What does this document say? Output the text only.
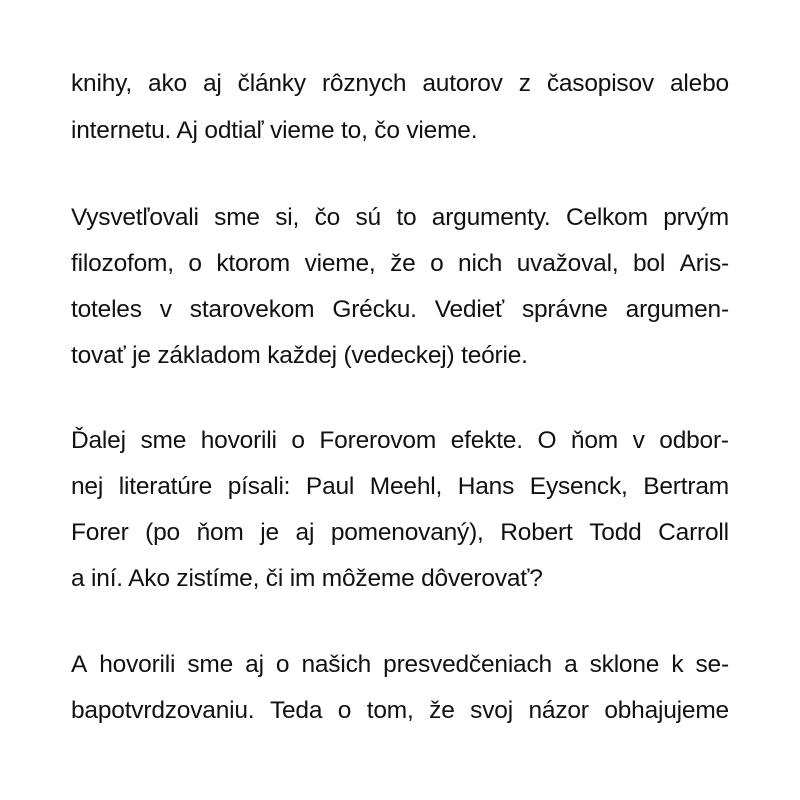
knihy, ako aj články rôznych autorov z časopisov alebo
internetu. Aj odtiaľ vieme to, čo vieme.
Vysvetľovali sme si, čo sú to argumenty. Celkom prvým
filozofom, o ktorom vieme, že o nich uvažoval, bol Aris-
toteles v starovekom Grécku. Vedieť správne argumen-
tovať je základom každej (vedeckej) teórie.
Ďalej sme hovorili o Forerovom efekte. O ňom v odbor-
nej literatúre písali: Paul Meehl, Hans Eysenck, Bertram
Forer (po ňom je aj pomenovaný), Robert Todd Carroll
a iní. Ako zistíme, či im môžeme dôverovať?
A hovorili sme aj o našich presvedčeniach a sklone k se-
bapotvrdzovaniu. Teda o tom, že svoj názor obhajujeme
